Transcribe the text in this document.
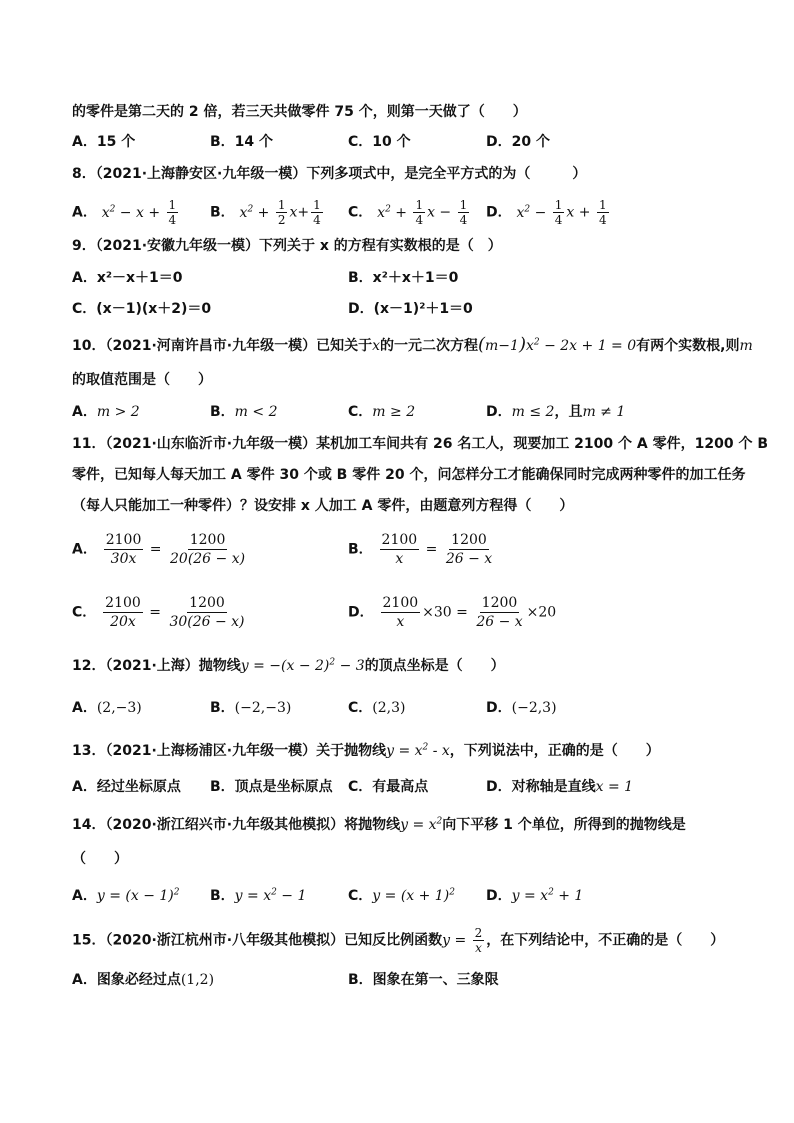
的零件是第二天的 2 倍，若三天共做零件 75 个，则第一天做了（　　）
A．15 个	B．14 个	C．10 个	D．20 个
8．（2021·上海静安区·九年级一模）下列多项式中，是完全平方式的为（　　　）
A． $x^2 - x + \frac{1}{4}$ B． $x^2 + \frac{1}{2} x+ \frac{1}{4}$ C． $x^2 + \frac{1}{4}$ $x - \frac{1}{4}$ D． $x^2 - \frac{1}{4}$ $x + \frac{1}{4}$
9．（2021·安徽九年级一模）下列关于 x 的方程有实数根的是（　）
A．x²－x＋1＝0	B．x²＋x＋1＝0
C．(x－1)(x＋2)＝0	D．(x－1)²＋1＝0
10．（2021·河南许昌市·九年级一模）已知关于x的一元二次方程$(m-1)x^2 - 2x + 1 = 0$有两个实数根,则m
的取值范围是（　　）
A．m > 2	B．m < 2	C．m ≥ 2	D．m ≤ 2，且m ≠ 1
11．（2021·山东临沂市·九年级一模）某机加工车间共有 26 名工人，现要加工 2100 个 A 零件，1200 个 B
零件，已知每人每天加工 A 零件 30 个或 B 零件 20 个，问怎样分工才能确保同时完成两种零件的加工任务
（每人只能加工一种零件）？设安排 x 人加工 A 零件，由题意列方程得（　　）
A． $\frac{2100}{30x} = \frac{1200}{20(26 - x)}$	B． $\frac{2100}{x} = \frac{1200}{26 - x}$
C． $\frac{2100}{20x} = \frac{1200}{30(26 - x)}$	D． $\frac{2100}{x} \times 30 = \frac{1200}{26 - x} \times 20$
12．（2021·上海）抛物线$y = -(x - 2)^2 - 3$的顶点坐标是（　　）
A．(2,−3)	B．(−2,−3)	C．(2,3)	D．(−2,3)
13．（2021·上海杨浦区·九年级一模）关于抛物线$y = x^2 - x$，下列说法中，正确的是（　　）
A．经过坐标原点 B．顶点是坐标原点 C．有最高点	D．对称轴是直线x = 1
14．（2020·浙江绍兴市·九年级其他模拟）将抛物线$y = x^2$向下平移 1 个单位，所得到的抛物线是
（　　）
A．$y = (x - 1)^2$ B．$y = x^2 - 1$	C．$y = (x + 1)^2$ D．$y = x^2 + 1$
15．（2020·浙江杭州市·八年级其他模拟）已知反比例函数$y = \frac{2}{x}$ ，在下列结论中，不正确的是（　　）
A．图象必经过点(1,2)	B．图象在第一、三象限
